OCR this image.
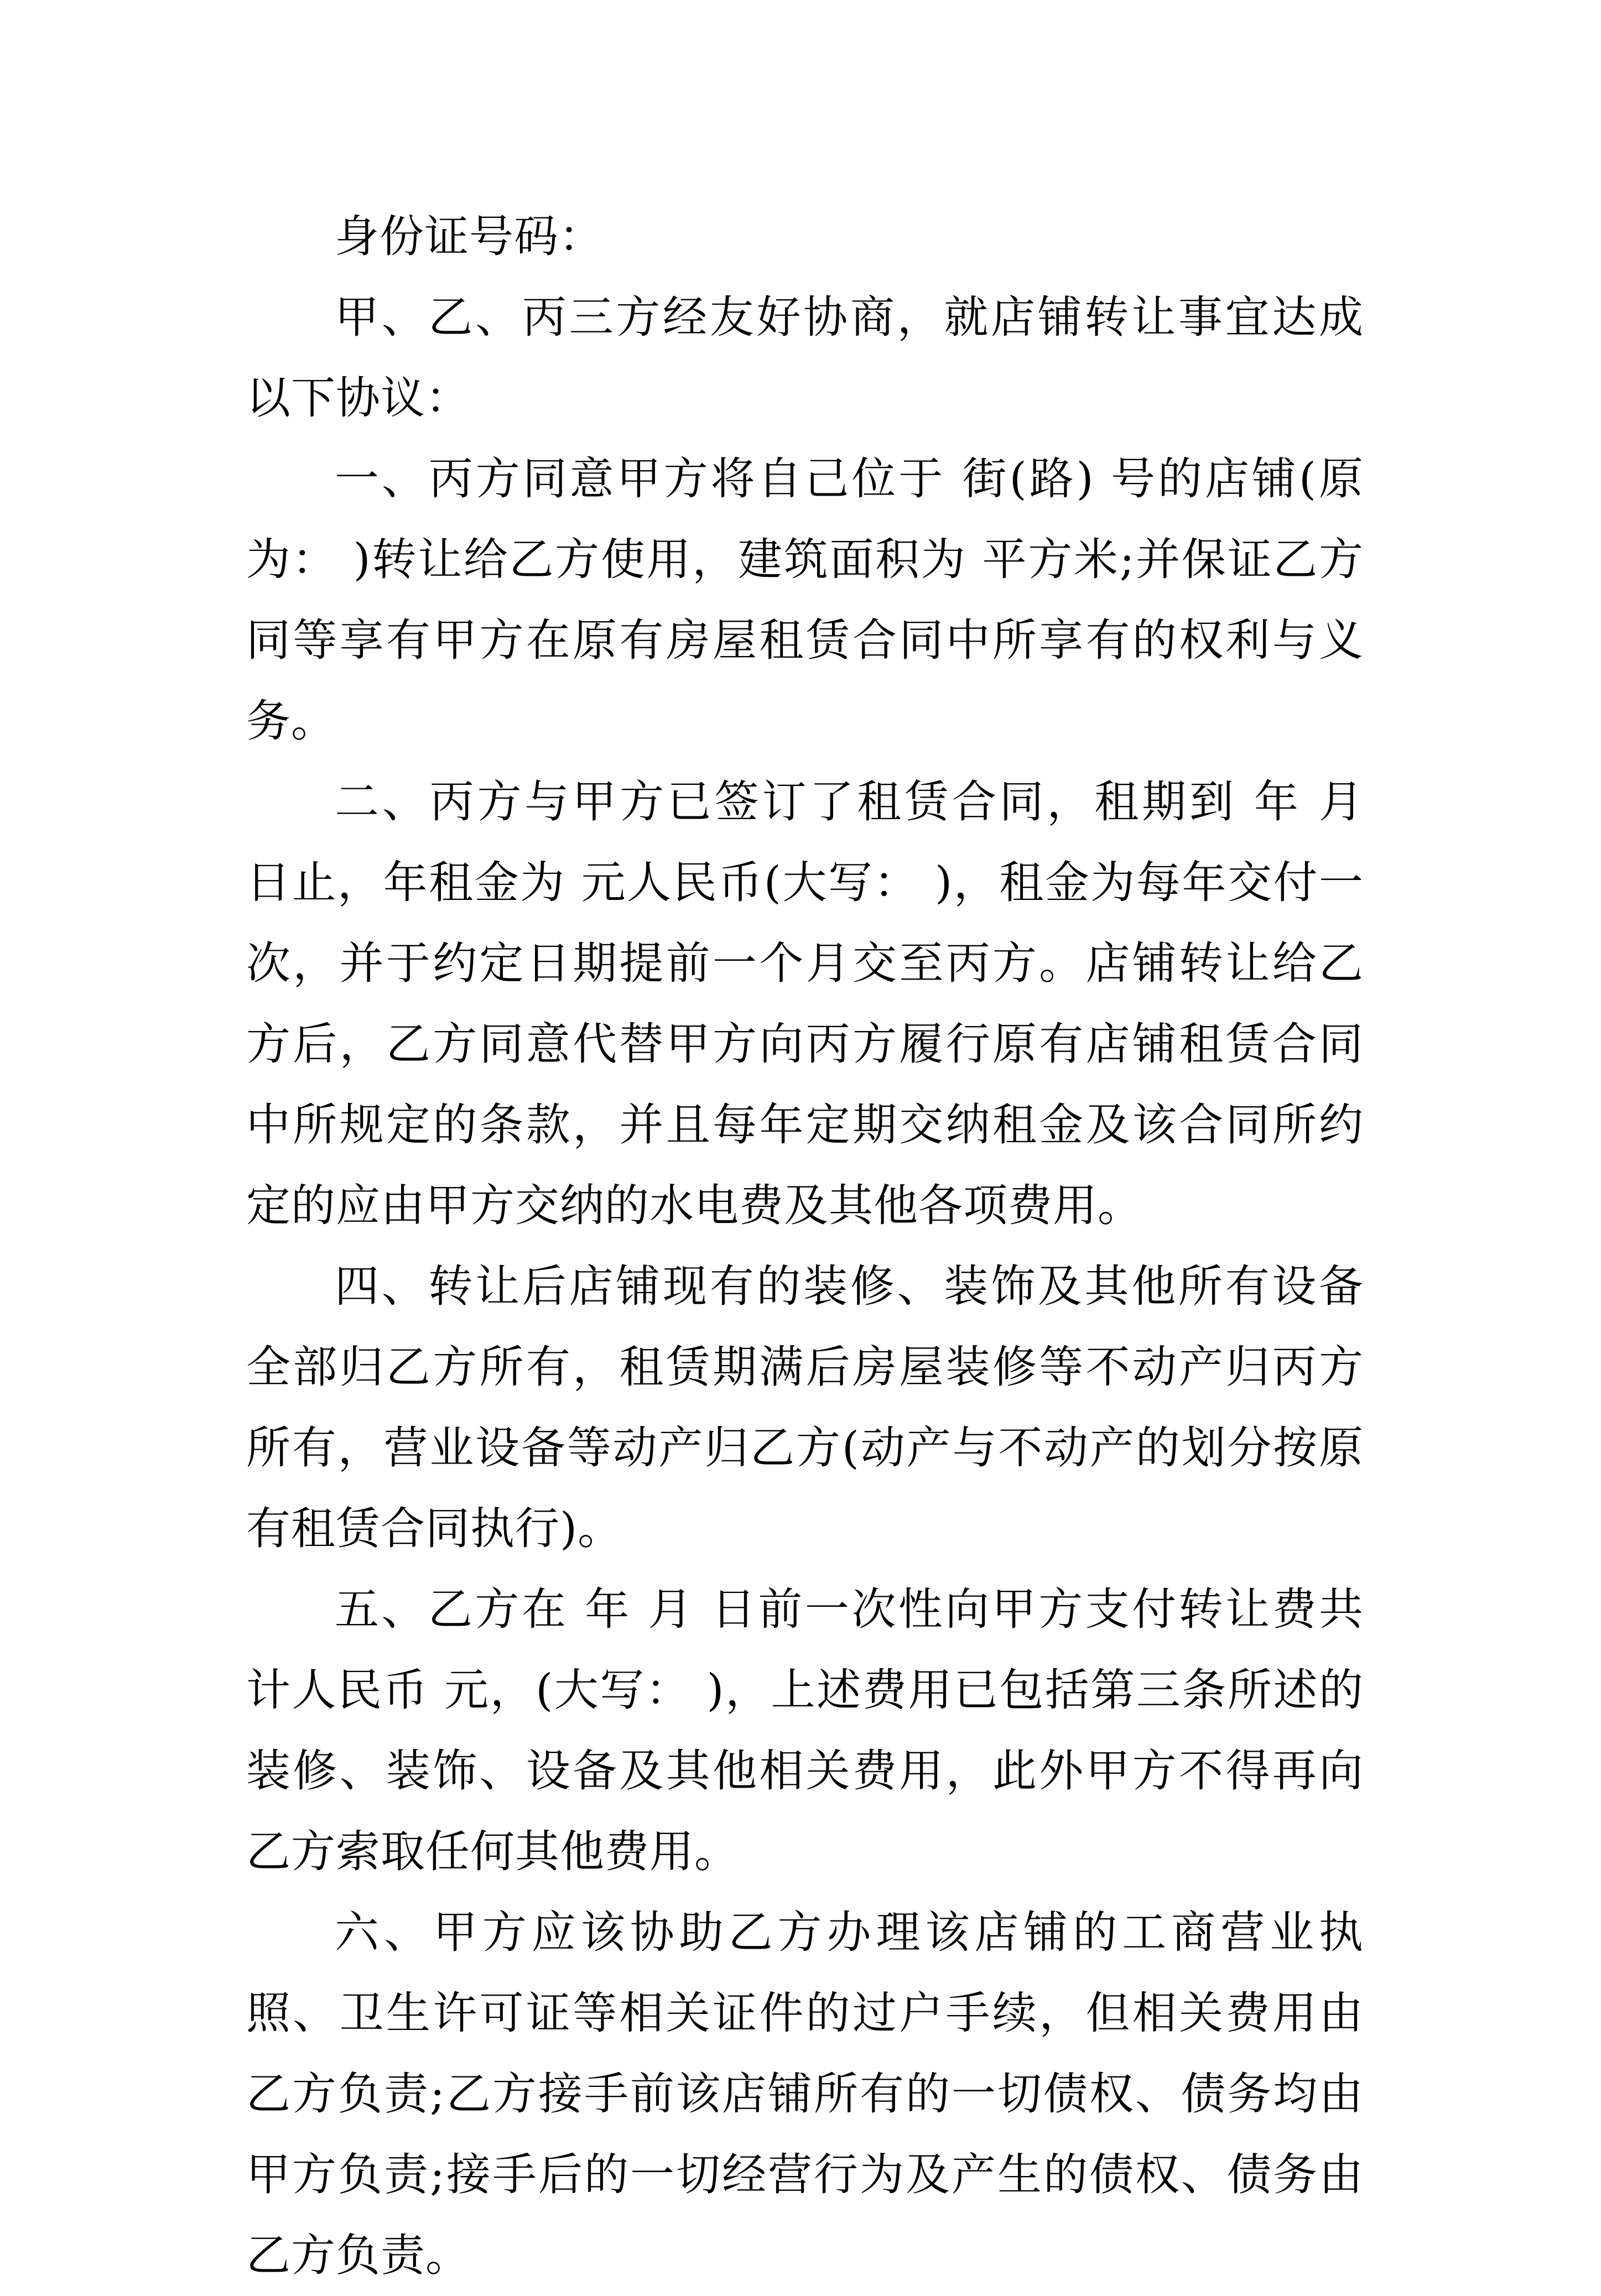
身份证号码：

甲、乙、丙三方经友好协商，就店铺转让事宜达成以下协议：

一、丙方同意甲方将自己位于 街(路) 号的店铺(原为： )转让给乙方使用，建筑面积为 平方米;并保证乙方同等享有甲方在原有房屋租赁合同中所享有的权利与义务。

二、丙方与甲方已签订了租赁合同，租期到 年 月 日止，年租金为 元人民币(大写： )，租金为每年交付一次，并于约定日期提前一个月交至丙方。店铺转让给乙方后，乙方同意代替甲方向丙方履行原有店铺租赁合同中所规定的条款，并且每年定期交纳租金及该合同所约定的应由甲方交纳的水电费及其他各项费用。

四、转让后店铺现有的装修、装饰及其他所有设备全部归乙方所有，租赁期满后房屋装修等不动产归丙方所有，营业设备等动产归乙方(动产与不动产的划分按原有租赁合同执行)。

五、乙方在 年 月 日前一次性向甲方支付转让费共计人民币 元，(大写： )，上述费用已包括第三条所述的装修、装饰、设备及其他相关费用，此外甲方不得再向乙方索取任何其他费用。

六、甲方应该协助乙方办理该店铺的工商营业执照、卫生许可证等相关证件的过户手续，但相关费用由乙方负责;乙方接手前该店铺所有的一切债权、债务均由甲方负责;接手后的一切经营行为及产生的债权、债务由乙方负责。
